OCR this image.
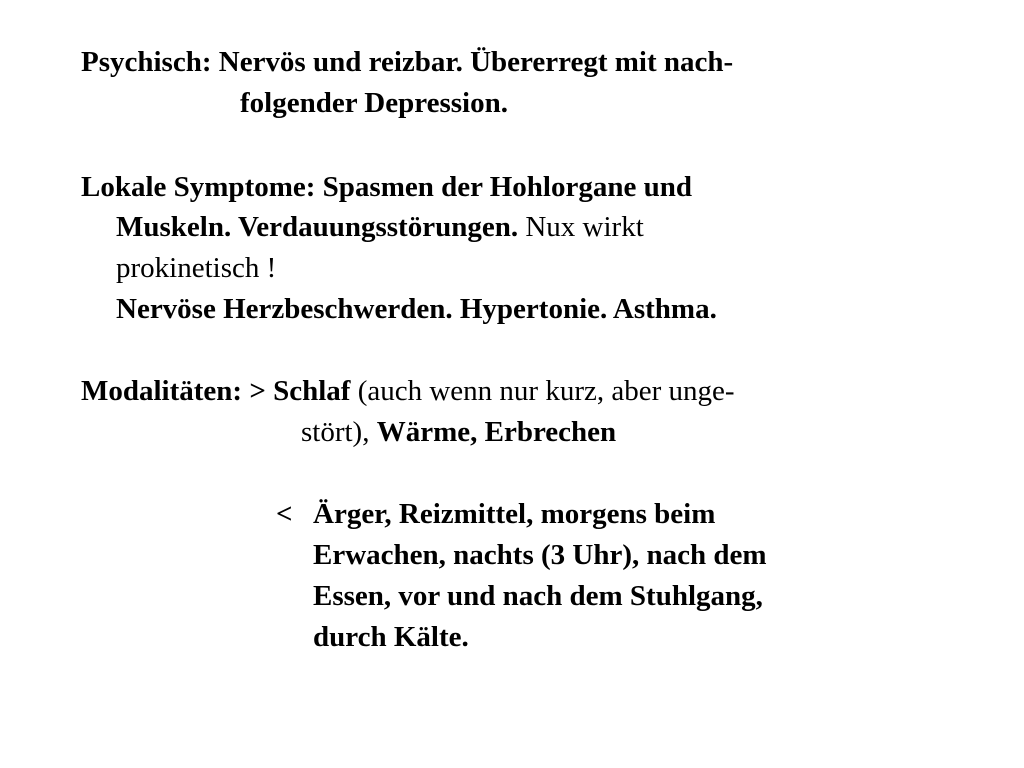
Psychisch: Nervös und reizbar. Übererregt mit nach-
folgender Depression.
Lokale Symptome: Spasmen der Hohlorgane und
Muskeln. Verdauungsstörungen. Nux wirkt
prokinetisch !
Nervöse Herzbeschwerden. Hypertonie. Asthma.
Modalitäten: > Schlaf (auch wenn nur kurz, aber unge-
stört), Wärme, Erbrechen
< Ärger, Reizmittel, morgens beim
Erwachen, nachts (3 Uhr), nach dem
Essen, vor und nach dem Stuhlgang,
durch Kälte.
